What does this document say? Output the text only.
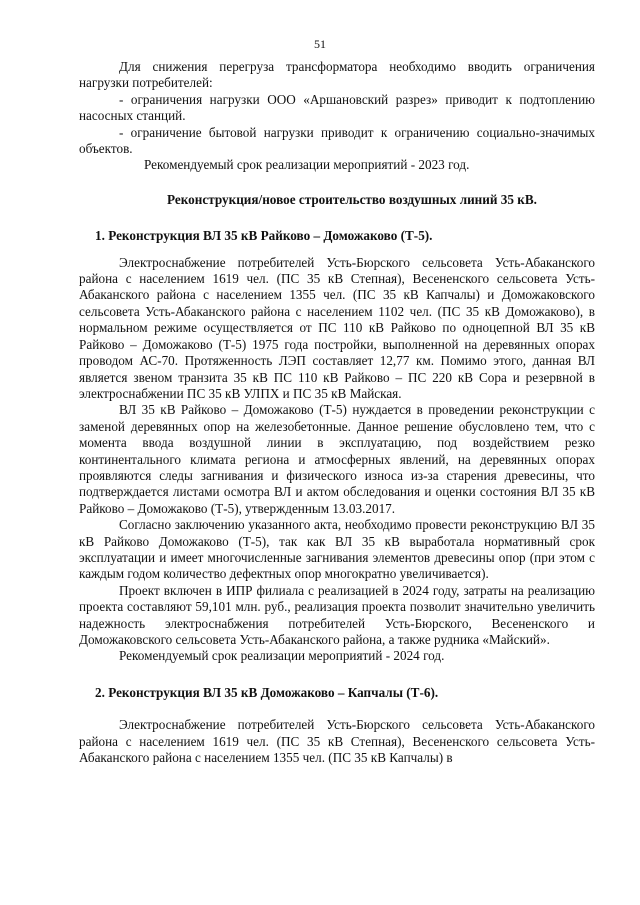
51

Для снижения перегруза трансформатора необходимо вводить ограничения нагрузки потребителей:

- ограничения нагрузки ООО «Аршановский разрез» приводит к подтоплению насосных станций.

- ограничение бытовой нагрузки приводит к ограничению социально-значимых объектов.

Рекомендуемый срок реализации мероприятий - 2023 год.

Реконструкция/новое строительство воздушных линий 35 кВ.

1. Реконструкция ВЛ 35 кВ Райково – Доможаково (Т-5).

Электроснабжение потребителей Усть-Бюрского сельсовета Усть-Абаканского района с населением 1619 чел. (ПС 35 кВ Степная), Весененского сельсовета Усть-Абаканского района с населением 1355 чел. (ПС 35 кВ Капчалы) и Доможаковского сельсовета Усть-Абаканского района с населением 1102 чел. (ПС 35 кВ Доможаково), в нормальном режиме осуществляется от ПС 110 кВ Райково по одноцепной ВЛ 35 кВ Райково – Доможаково (Т-5) 1975 года постройки, выполненной на деревянных опорах проводом АС-70. Протяженность ЛЭП составляет 12,77 км. Помимо этого, данная ВЛ является звеном транзита 35 кВ ПС 110 кВ Райково – ПС 220 кВ Сора и резервной в электроснабжении ПС 35 кВ УЛПХ и ПС 35 кВ Майская.

ВЛ 35 кВ Райково – Доможаково (Т-5) нуждается в проведении реконструкции с заменой деревянных опор на железобетонные. Данное решение обусловлено тем, что с момента ввода воздушной линии в эксплуатацию, под воздействием резко континентального климата региона и атмосферных явлений, на деревянных опорах проявляются следы загнивания и физического износа из-за старения древесины, что подтверждается листами осмотра ВЛ и актом обследования и оценки состояния ВЛ 35 кВ Райково – Доможаково (Т-5), утвержденным 13.03.2017.

Согласно заключению указанного акта, необходимо провести реконструкцию ВЛ 35 кВ Райково Доможаково (Т-5), так как ВЛ 35 кВ выработала нормативный срок эксплуатации и имеет многочисленные загнивания элементов древесины опор (при этом с каждым годом количество дефектных опор многократно увеличивается).

Проект включен в ИПР филиала с реализацией в 2024 году, затраты на реализацию проекта составляют 59,101 млн. руб., реализация проекта позволит значительно увеличить надежность электроснабжения потребителей Усть-Бюрского, Весененского и Доможаковского сельсовета Усть-Абаканского района, а также рудника «Майский».

Рекомендуемый срок реализации мероприятий - 2024 год.

2. Реконструкция ВЛ 35 кВ Доможаково – Капчалы (Т-6).

Электроснабжение потребителей Усть-Бюрского сельсовета Усть-Абаканского района с населением 1619 чел. (ПС 35 кВ Степная), Весененского сельсовета Усть-Абаканского района с населением 1355 чел. (ПС 35 кВ Капчалы) в
